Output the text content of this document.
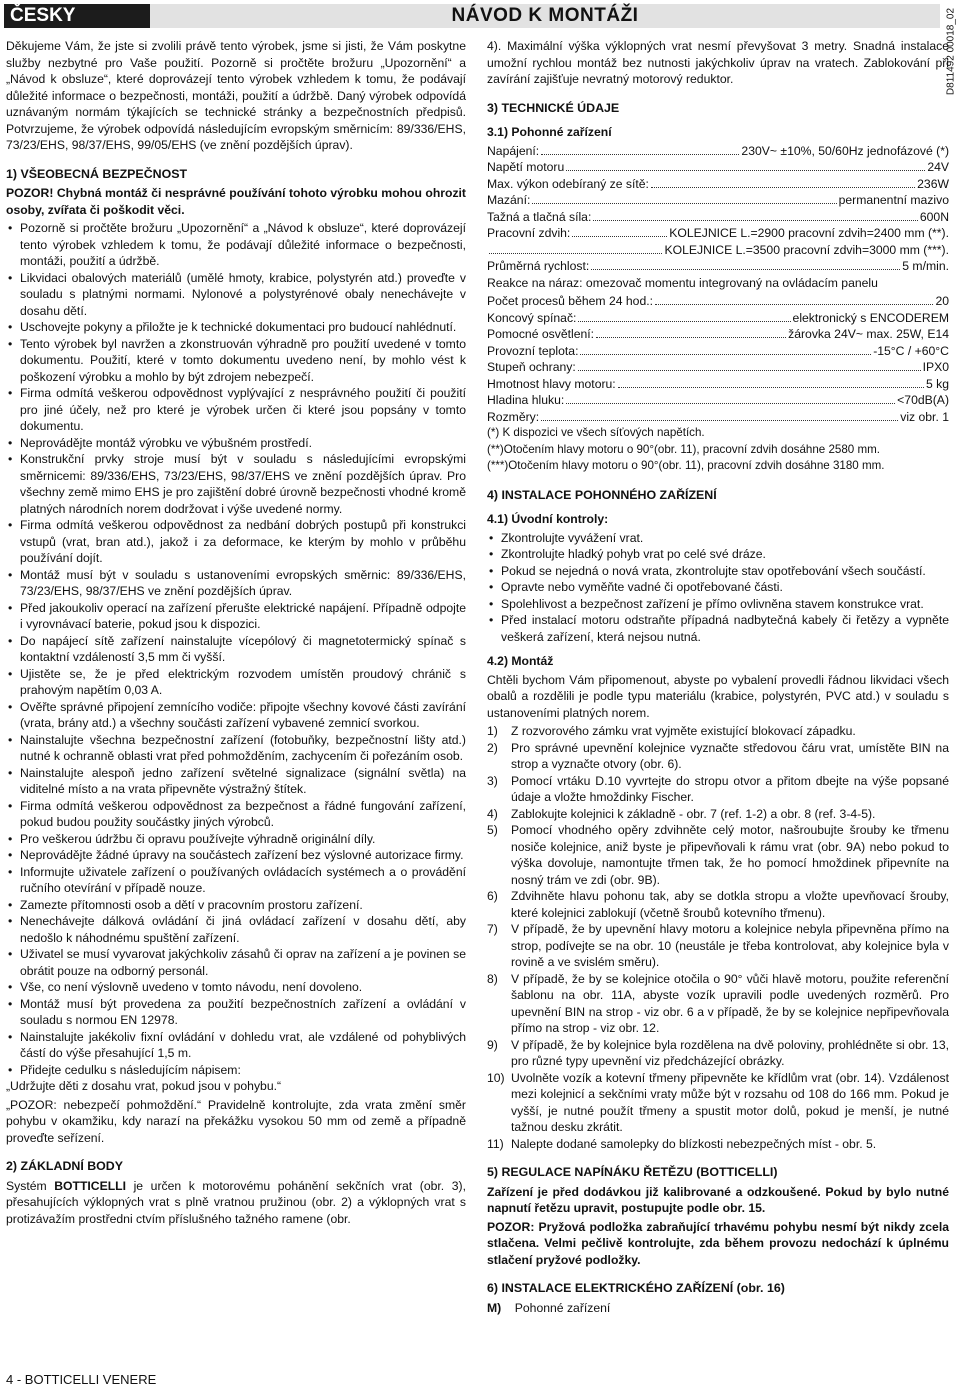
ČESKY	NÁVOD K MONTÁŽI	D811492 00018_02

Děkujeme Vám, že jste si zvolili právě tento výrobek, jsme si jisti, že Vám poskytne služby nezbytné pro Vaše použití. Pozorně si pročtěte brožuru „Upozornění“ a „Návod k obsluze“, které doprovázejí tento výrobek vzhledem k tomu, že podávají důležité informace o bezpečnosti, montáži, použití a údržbě. Daný výrobek odpovídá uznávaným normám týkajících se technické stránky a bezpečnostních předpisů. Potvrzujeme, že výrobek odpovídá následujícím evropským směrnicím: 89/336/EHS, 73/23/EHS, 98/37/EHS, 99/05/EHS (ve znění pozdějších úprav).

1) VŠEOBECNÁ BEZPEČNOST

POZOR! Chybná montáž či nesprávné používání tohoto výrobku mohou ohrozit osoby, zvířata či poškodit věci.

• Pozorně si pročtěte brožuru „Upozornění“ a „Návod k obsluze“, které doprovázejí tento výrobek vzhledem k tomu, že podávají důležité informace o bezpečnosti, montáži, použití a údržbě.
• Likvidaci obalových materiálů (umělé hmoty, krabice, polystyrén atd.) proveďte v souladu s platnými normami. Nylonové a polystyrénové obaly nenechávejte v dosahu dětí.
• Uschovejte pokyny a přiložte je k technické dokumentaci pro budoucí nahlédnutí.
• Tento výrobek byl navržen a zkonstruován výhradně pro použití uvedené v tomto dokumentu. Použití, které v tomto dokumentu uvedeno není, by mohlo vést k poškození výrobku a mohlo by být zdrojem nebezpečí.
• Firma odmítá veškerou odpovědnost vyplývající z nesprávného použití či použití pro jiné účely, než pro které je výrobek určen či které jsou popsány v tomto dokumentu.
• Neprovádějte montáž výrobku ve výbušném prostředí.
• Konstrukční prvky stroje musí být v souladu s následujícími evropskými směrnicemi: 89/336/EHS, 73/23/EHS, 98/37/EHS ve znění pozdějších úprav. Pro všechny země mimo EHS je pro zajištění dobré úrovně bezpečnosti vhodné kromě platných národních norem dodržovat i výše uvedené normy.
• Firma odmítá veškerou odpovědnost za nedbání dobrých postupů při konstrukci vstupů (vrat, bran atd.), jakož i za deformace, ke kterým by mohlo v průběhu používání dojít.
• Montáž musí být v souladu s ustanoveními evropských směrnic: 89/336/EHS, 73/23/EHS, 98/37/EHS ve znění pozdějších úprav.
• Před jakoukoliv operací na zařízení přerušte elektrické napájení. Případně odpojte i vyrovnávací baterie, pokud jsou k dispozici.
• Do napájecí sítě zařízení nainstalujte vícepólový či magnetotermický spínač s kontaktní vzdáleností 3,5 mm či vyšší.
• Ujistěte se, že je před elektrickým rozvodem umístěn proudový chránič s prahovým napětím 0,03 A.
• Ověřte správné připojení zemnícího vodiče: připojte všechny kovové části zavírání (vrata, brány atd.) a všechny součásti zařízení vybavené zemnicí svorkou.
• Nainstalujte všechna bezpečnostní zařízení (fotobuňky, bezpečnostní lišty atd.) nutné k ochranně oblasti vrat před pohmožděním, zachycením či pořezáním osob.
• Nainstalujte alespoň jedno zařízení světelné signalizace (signální světla) na viditelné místo a na vrata připevněte výstražný štítek.
• Firma odmítá veškerou odpovědnost za bezpečnost a řádné fungování zařízení, pokud budou použity součástky jiných výrobců.
• Pro veškerou údržbu či opravu používejte výhradně originální díly.
• Neprovádějte žádné úpravy na součástech zařízení bez výslovné autorizace firmy.
• Informujte uživatele zařízení o používaných ovládacích systémech a o provádění ručního otevírání v případě nouze.
• Zamezte přítomnosti osob a dětí v pracovním prostoru zařízení.
• Nenechávejte dálková ovládání či jiná ovládací zařízení v dosahu dětí, aby nedošlo k náhodnému spuštění zařízení.
• Uživatel se musí vyvarovat jakýchkoliv zásahů či oprav na zařízení a je povinen se obrátit pouze na odborný personál.
• Vše, co není výslovně uvedeno v tomto návodu, není dovoleno.
• Montáž musí být provedena za použití bezpečnostních zařízení a ovládání v souladu s normou EN 12978.
• Nainstalujte jakékoliv fixní ovládání v dohledu vrat, ale vzdálené od pohyblivých částí do výše přesahující 1,5 m.
• Přidejte cedulku s následujícím nápisem:

„Udržujte děti z dosahu vrat, pokud jsou v pohybu.“

„POZOR: nebezpečí pohmoždění.“ Pravidelně kontrolujte, zda vrata změní směr pohybu v okamžiku, kdy narazí na překážku vysokou 50 mm od země a případně proveďte seřízení.

2) ZÁKLADNÍ BODY

Systém BOTTICELLI je určen k motorovému pohánění sekčních vrat (obr. 3), přesahujících výklopných vrat s plně vratnou pružinou (obr. 2) a výklopných vrat s protizávažím prostředni ctvím příslušného tažného ramene (obr.

4). Maximální výška výklopných vrat nesmí převyšovat 3 metry. Snadná instalace umožní rychlou montáž bez nutnosti jakýchkoliv úprav na vratech. Zablokování při zavírání zajišťuje nevratný motorový reduktor.

3) TECHNICKÉ ÚDAJE
3.1) Pohonné zařízení
Napájení:	230V~ ±10%, 50/60Hz jednofázové (*)
Napětí motoru	24V
Max. výkon odebíraný ze sítě:	236W
Mazání:	permanentní mazivo
Tažná a tlačná síla:	600N
Pracovní zdvih:	KOLEJNICE L.=2900 pracovní zdvih=2400 mm (**).
KOLEJNICE L.=3500 pracovní zdvih=3000 mm (***).
Průměrná rychlost:	5 m/min.

Reakce na náraz: omezovač momentu integrovaný na ovládacím panelu

Počet procesů během 24 hod.:	20
Koncový spínač:	elektronický s ENCODEREM
Pomocné osvětlení:	žárovka 24V~ max. 25W, E14
Provozní teplota:	-15°C / +60°C
Stupeň ochrany:	IPX0
Hmotnost hlavy motoru:	5 kg
Hladina hluku:	<70dB(A)
Rozměry:	viz obr. 1
(*) K dispozici ve všech síťových napětích.
(**)Otočením hlavy motoru o 90°(obr. 11), pracovní zdvih dosáhne 2580 mm.
(***)Otočením hlavy motoru o 90°(obr. 11), pracovní zdvih dosáhne 3180 mm.
4) INSTALACE POHONNÉHO ZAŘÍZENÍ
4.1) Úvodní kontroly:
• Zkontrolujte vyvážení vrat.
• Zkontrolujte hladký pohyb vrat po celé své dráze.
• Pokud se nejedná o nová vrata, zkontrolujte stav opotřebování všech součástí.
• Opravte nebo vyměňte vadné či opotřebované části.
• Spolehlivost a bezpečnost zařízení je přímo ovlivněna stavem konstrukce vrat.
• Před instalací motoru odstraňte případná nadbytečná kabely či řetězy a vypněte veškerá zařízení, která nejsou nutná.
4.2) Montáž

Chtěli bychom Vám připomenout, abyste po vybalení provedli řádnou likvidaci všech obalů a rozdělili je podle typu materiálu (krabice, polystyrén, PVC atd.) v souladu s ustanoveními platných norem.

1) Z rozvorového zámku vrat vyjměte existující blokovací západku.
2) Pro správné upevnění kolejnice vyznačte středovou čáru vrat, umístěte BIN na strop a vyznačte otvory (obr. 6).
3) Pomocí vrtáku D.10 vyvrtejte do stropu otvor a přitom dbejte na výše popsané údaje a vložte hmoždinky Fischer.
4) Zablokujte kolejnici k základně - obr. 7 (ref. 1-2) a obr. 8 (ref. 3-4-5).
5) Pomocí vhodného opěry zdvihněte celý motor, našroubujte šrouby ke třmenu nosiče kolejnice, aniž byste je připevňovali k rámu vrat (obr. 9A) nebo pokud to výška dovoluje, namontujte třmen tak, že ho pomocí hmoždinek připevníte na nosný trám ve zdi (obr. 9B).
6) Zdvihněte hlavu pohonu tak, aby se dotkla stropu a vložte upevňovací šrouby, které kolejnici zablokují (včetně šroubů kotevního třmenu).
7) V případě, že by upevnění hlavy motoru a kolejnice nebyla připevněna přímo na strop, podívejte se na obr. 10 (neustále je třeba kontrolovat, aby kolejnice byla v rovině a ve svislém směru).
8) V případě, že by se kolejnice otočila o 90° vůči hlavě motoru, použite referenční šablonu na obr. 11A, abyste vozík upravili podle uvedených rozměrů. Pro upevnění BIN na strop - viz obr. 6 a v případě, že by se kolejnice nepřipevňovala přímo na strop - viz obr. 12.
9) V případě, že by kolejnice byla rozdělena na dvě poloviny, prohlédněte si obr. 13, pro různé typy upevnění viz předcházející obrázky.
10) Uvolněte vozík a kotevní třmeny připevněte ke křídlům vrat (obr. 14). Vzdálenost mezi kolejnicí a sekčními vraty může být v rozsahu od 108 do 166 mm. Pokud je vyšší, je nutné použít třmeny a spustit motor dolů, pokud je menší, je nutné tažnou desku zkrátit.
11) Nalepte dodané samolepky do blízkosti nebezpečných míst - obr. 5.
5) REGULACE NAPÍNÁKU ŘETĚZU (BOTTICELLI)

Zařízení je před dodávkou již kalibrované a odzkoušené. Pokud by bylo nutné napnutí řetězu upravit, postupujte podle obr. 15.

POZOR: Pryžová podložka zabraňující trhavému pohybu nesmí být nikdy zcela stlačena. Velmi pečlivě kontrolujte, zda během provozu nedochází k úplnému stlačení pryžové podložky.

6) INSTALACE ELEKTRICKÉHO ZAŘÍZENÍ (obr. 16)
M) Pohonné zařízení
4 - BOTTICELLI VENERE
